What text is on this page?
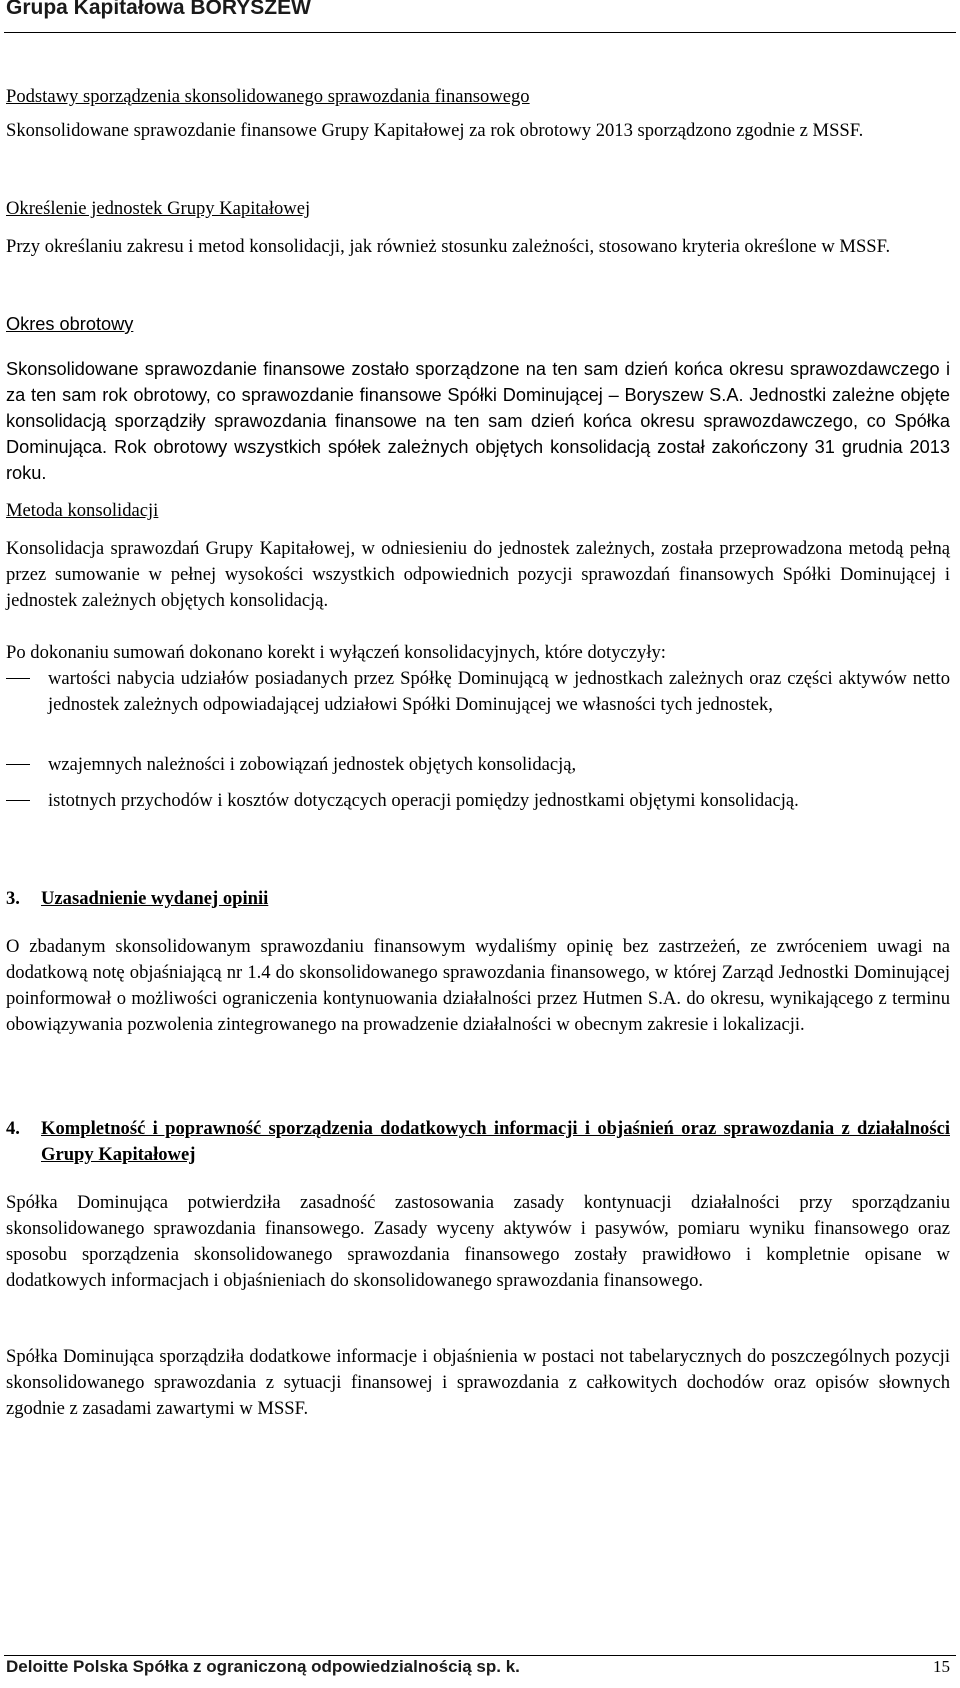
Grupa Kapitałowa BORYSZEW
Podstawy sporządzenia skonsolidowanego sprawozdania finansowego
Skonsolidowane sprawozdanie finansowe Grupy Kapitałowej za rok obrotowy 2013 sporządzono zgodnie z MSSF.
Określenie jednostek Grupy Kapitałowej
Przy określaniu zakresu i metod konsolidacji, jak również stosunku zależności, stosowano kryteria określone w MSSF.
Okres obrotowy
Skonsolidowane sprawozdanie finansowe zostało sporządzone na ten sam dzień końca okresu sprawozdawczego i za ten sam rok obrotowy, co sprawozdanie finansowe Spółki Dominującej – Boryszew S.A. Jednostki zależne objęte konsolidacją sporządziły sprawozdania finansowe na ten sam dzień końca okresu sprawozdawczego, co Spółka Dominująca. Rok obrotowy wszystkich spółek zależnych objętych konsolidacją został zakończony 31 grudnia 2013 roku.
Metoda konsolidacji
Konsolidacja sprawozdań Grupy Kapitałowej, w odniesieniu do jednostek zależnych, została przeprowadzona metodą pełną przez sumowanie w pełnej wysokości wszystkich odpowiednich pozycji sprawozdań finansowych Spółki Dominującej i jednostek zależnych objętych konsolidacją.
Po dokonaniu sumowań dokonano korekt i wyłączeń konsolidacyjnych, które dotyczyły:
wartości nabycia udziałów posiadanych przez Spółkę Dominującą w jednostkach zależnych oraz części aktywów netto jednostek zależnych odpowiadającej udziałowi Spółki Dominującej we własności tych jednostek,
wzajemnych należności i zobowiązań jednostek objętych konsolidacją,
istotnych przychodów i kosztów dotyczących operacji pomiędzy jednostkami objętymi konsolidacją.
3. Uzasadnienie wydanej opinii
O zbadanym skonsolidowanym sprawozdaniu finansowym wydaliśmy opinię bez zastrzeżeń, ze zwróceniem uwagi na dodatkową notę objaśniającą nr 1.4 do skonsolidowanego sprawozdania finansowego, w której Zarząd Jednostki Dominującej poinformował o możliwości ograniczenia kontynuowania działalności przez Hutmen S.A. do okresu, wynikającego z terminu obowiązywania pozwolenia zintegrowanego na prowadzenie działalności w obecnym zakresie i lokalizacji.
4. Kompletność i poprawność sporządzenia dodatkowych informacji i objaśnień oraz sprawozdania z działalności Grupy Kapitałowej
Spółka Dominująca potwierdziła zasadność zastosowania zasady kontynuacji działalności przy sporządzaniu skonsolidowanego sprawozdania finansowego. Zasady wyceny aktywów i pasywów, pomiaru wyniku finansowego oraz sposobu sporządzenia skonsolidowanego sprawozdania finansowego zostały prawidłowo i kompletnie opisane w dodatkowych informacjach i objaśnieniach do skonsolidowanego sprawozdania finansowego.
Spółka Dominująca sporządziła dodatkowe informacje i objaśnienia w postaci not tabelarycznych do poszczególnych pozycji skonsolidowanego sprawozdania z sytuacji finansowej i sprawozdania z całkowitych dochodów oraz opisów słownych zgodnie z zasadami zawartymi w MSSF.
Deloitte Polska Spółka z ograniczoną odpowiedzialnością sp. k.	15
